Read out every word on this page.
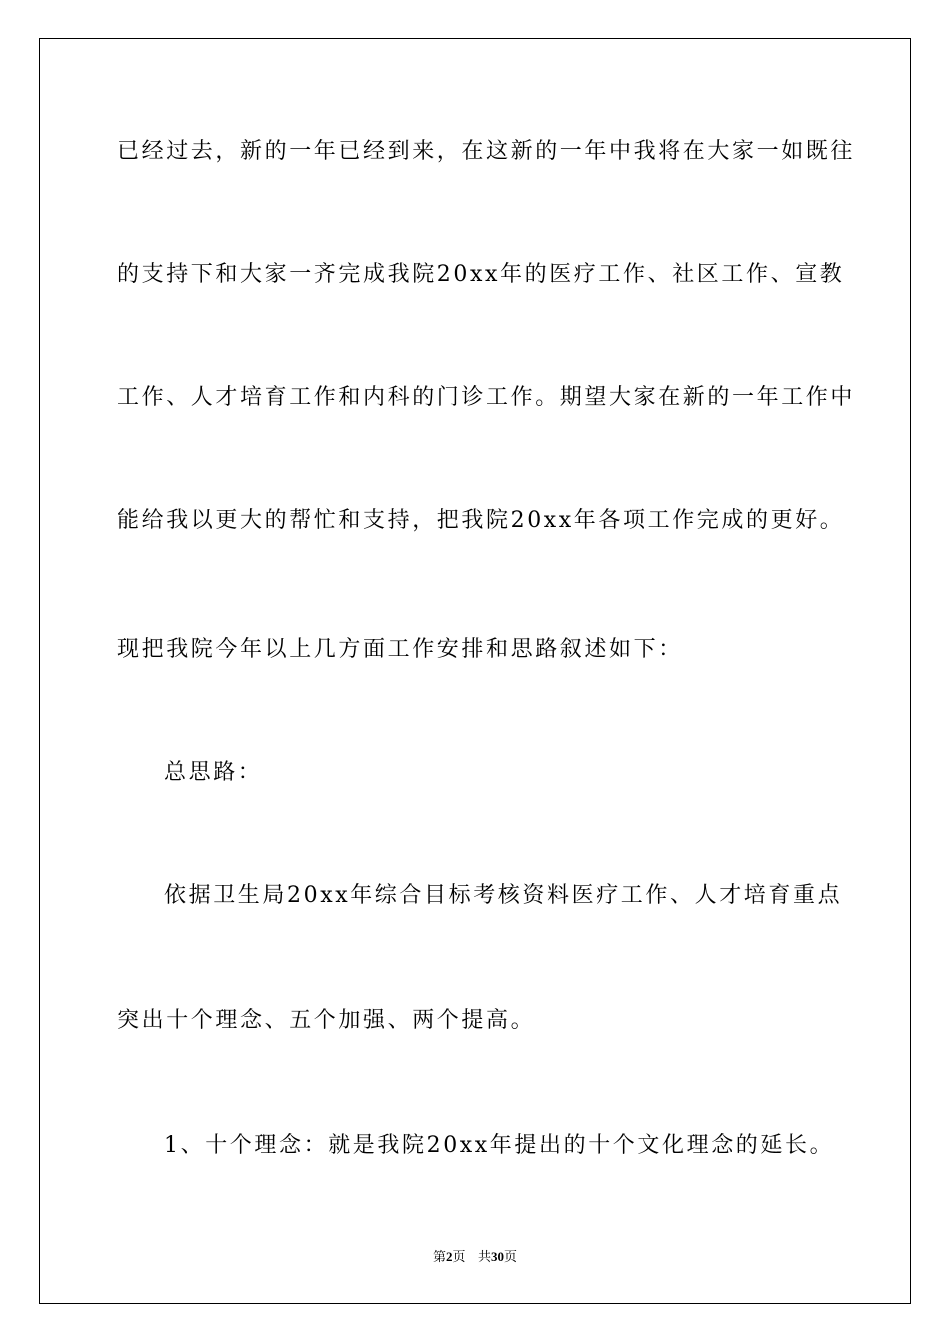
已经过去，新的一年已经到来，在这新的一年中我将在大家一如既往
的支持下和大家一齐完成我院20xx年的医疗工作、社区工作、宣教
工作、人才培育工作和内科的门诊工作。期望大家在新的一年工作中
能给我以更大的帮忙和支持，把我院20xx年各项工作完成的更好。
现把我院今年以上几方面工作安排和思路叙述如下：
总思路：
依据卫生局20xx年综合目标考核资料医疗工作、人才培育重点
突出十个理念、五个加强、两个提高。
1、十个理念：就是我院20xx年提出的十个文化理念的延长。
第2页 共30页
